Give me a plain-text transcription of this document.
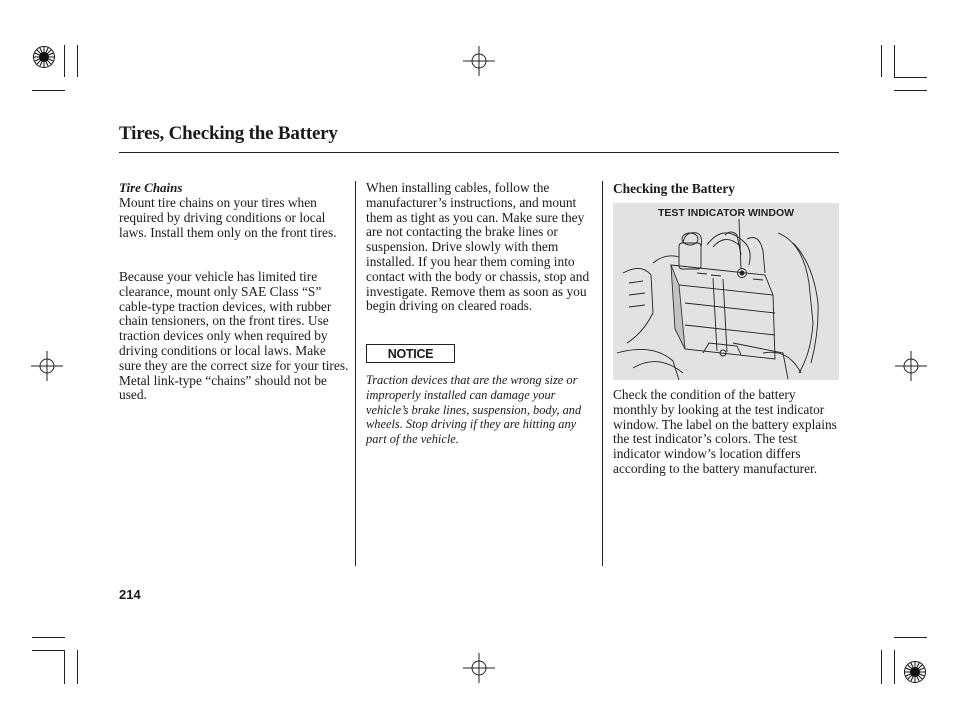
Tires, Checking the Battery
Tire Chains

Mount tire chains on your tires when required by driving conditions or local laws. Install them only on the front tires.

Because your vehicle has limited tire clearance, mount only SAE Class “S” cable-type traction devices, with rubber chain tensioners, on the front tires. Use traction devices only when required by driving conditions or local laws. Make sure they are the correct size for your tires. Metal link-type “chains” should not be used.

When installing cables, follow the manufacturer’s instructions, and mount them as tight as you can. Make sure they are not contacting the brake lines or suspension. Drive slowly with them installed. If you hear them coming into contact with the body or chassis, stop and investigate. Remove them as soon as you begin driving on cleared roads.

NOTICE

Traction devices that are the wrong size or improperly installed can damage your vehicle’s brake lines, suspension, body, and wheels. Stop driving if they are hitting any part of the vehicle.

Checking the Battery
TEST INDICATOR WINDOW

Check the condition of the battery monthly by looking at the test indicator window. The label on the battery explains the test indicator’s colors. The test indicator window’s location differs according to the battery manufacturer.

214
